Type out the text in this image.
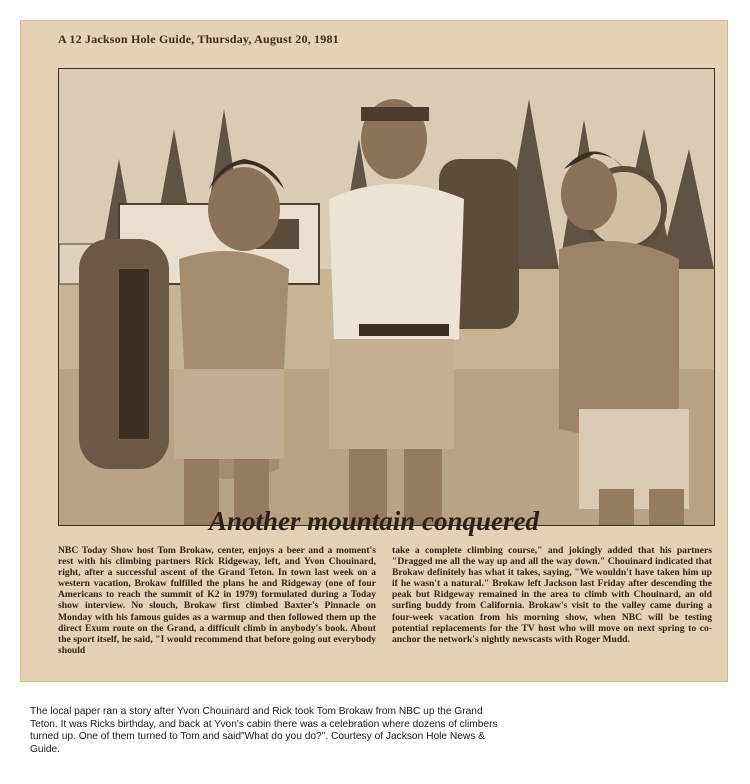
A 12 Jackson Hole Guide, Thursday, August 20, 1981
Another mountain conquered
NBC Today Show host Tom Brokaw, center, enjoys a beer and a moment's rest with his climbing partners Rick Ridgeway, left, and Yvon Chouinard, right, after a successful ascent of the Grand Teton. In town last week on a western vacation, Brokaw fulfilled the plans he and Ridgeway (one of four Americans to reach the summit of K2 in 1979) formulated during a Today show interview. No slouch, Brokaw first climbed Baxter's Pinnacle on Monday with his famous guides as a warmup and then followed them up the direct Exum route on the Grand, a difficult climb in anybody's book. About the sport itself, he said, "I would recommend that before going out everybody should
take a complete climbing course," and jokingly added that his partners "Dragged me all the way up and all the way down." Chouinard indicated that Brokaw definitely has what it takes, saying, "We wouldn't have taken him up if he wasn't a natural." Brokaw left Jackson last Friday after descending the peak but Ridgeway remained in the area to climb with Chouinard, an old surfing buddy from California. Brokaw's visit to the valley came during a four-week vacation from his morning show, when NBC will be testing potential replacements for the TV host who will move on next spring to co-anchor the network's nightly newscasts with Roger Mudd.
The local paper ran a story after Yvon Chouinard and Rick took Tom Brokaw from NBC up the Grand Teton. It was Ricks birthday, and back at Yvon's cabin there was a celebration where dozens of climbers turned up. One of them turned to Tom and said"What do you do?". Courtesy of Jackson Hole News & Guide.
